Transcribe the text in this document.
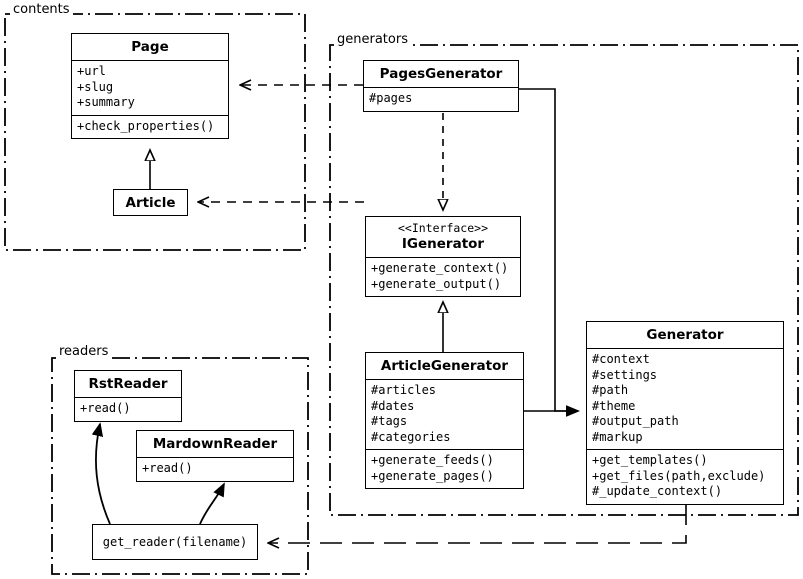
contents
generators
readers
Page
+url
+slug
+summary
+check_properties()
Article
PagesGenerator
#pages
<<Interface>>
IGenerator
+generate_context()
+generate_output()
ArticleGenerator
#articles
#dates
#tags
#categories
+generate_feeds()
+generate_pages()
Generator
#context
#settings
#path
#theme
#output_path
#markup
+get_templates()
+get_files(path,exclude)
#_update_context()
RstReader
+read()
MardownReader
+read()
get_reader(filename)
